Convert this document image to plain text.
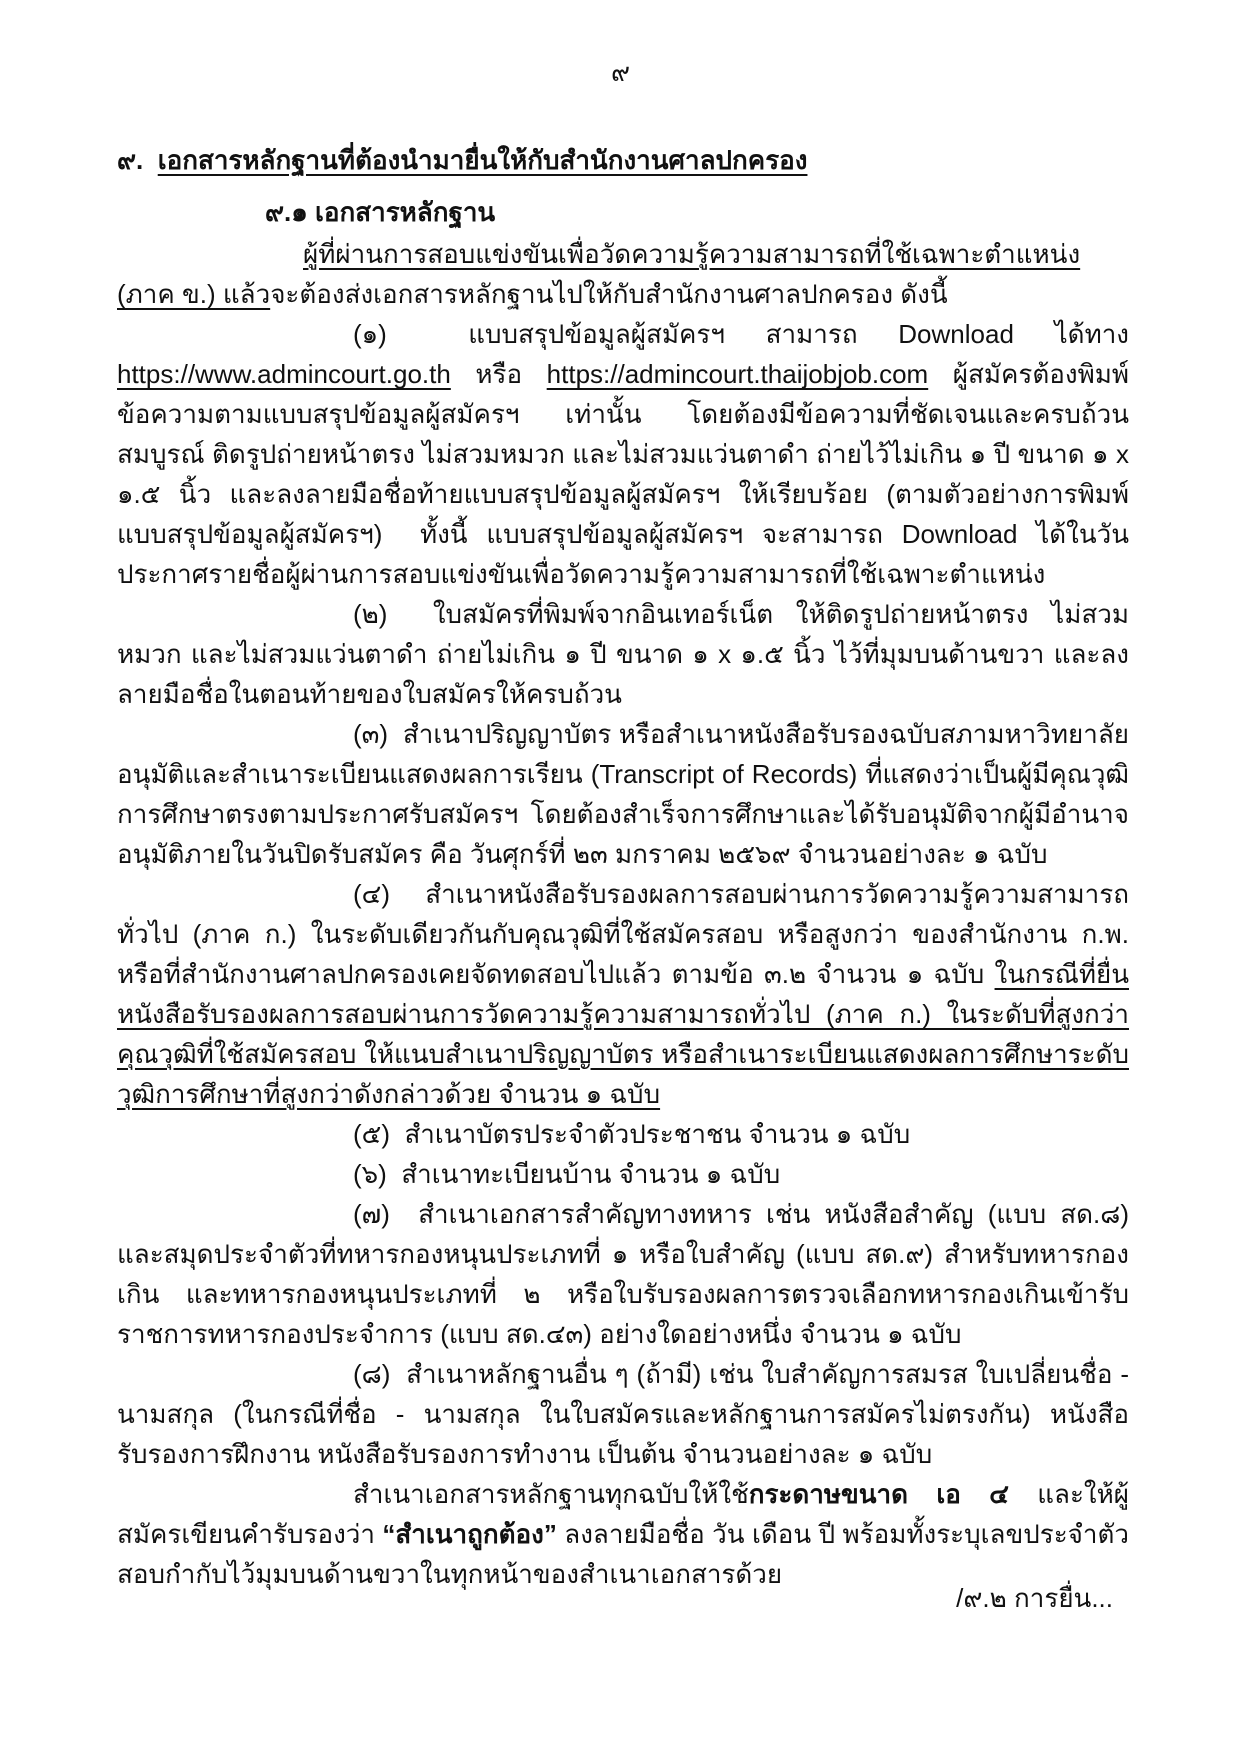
๙
๙.  เอกสารหลักฐานที่ต้องนำมายื่นให้กับสำนักงานศาลปกครอง
๙.๑ เอกสารหลักฐาน
ผู้ที่ผ่านการสอบแข่งขันเพื่อวัดความรู้ความสามารถที่ใช้เฉพาะตำแหน่ง (ภาค ข.) แล้วจะต้องส่งเอกสารหลักฐานไปให้กับสำนักงานศาลปกครอง ดังนี้
(๑)  แบบสรุปข้อมูลผู้สมัครฯ สามารถ Download ได้ทาง https://www.admincourt.go.th หรือ https://admincourt.thaijobjob.com ผู้สมัครต้องพิมพ์ข้อความตามแบบสรุปข้อมูลผู้สมัครฯ เท่านั้น โดยต้องมีข้อความที่ชัดเจนและครบถ้วนสมบูรณ์ ติดรูปถ่ายหน้าตรง ไม่สวมหมวก และไม่สวมแว่นตาดำ ถ่ายไว้ไม่เกิน ๑ ปี ขนาด ๑ x ๑.๕ นิ้ว และลงลายมือชื่อท้ายแบบสรุปข้อมูลผู้สมัครฯ ให้เรียบร้อย (ตามตัวอย่างการพิมพ์แบบสรุปข้อมูลผู้สมัครฯ)  ทั้งนี้ แบบสรุปข้อมูลผู้สมัครฯ จะสามารถ Download ได้ในวันประกาศรายชื่อผู้ผ่านการสอบแข่งขันเพื่อวัดความรู้ความสามารถที่ใช้เฉพาะตำแหน่ง
(๒)  ใบสมัครที่พิมพ์จากอินเทอร์เน็ต ให้ติดรูปถ่ายหน้าตรง ไม่สวมหมวก และไม่สวมแว่นตาดำ ถ่ายไม่เกิน ๑ ปี ขนาด ๑ x ๑.๕ นิ้ว ไว้ที่มุมบนด้านขวา และลงลายมือชื่อในตอนท้ายของใบสมัครให้ครบถ้วน
(๓)  สำเนาปริญญาบัตร หรือสำเนาหนังสือรับรองฉบับสภามหาวิทยาลัยอนุมัติและสำเนาระเบียนแสดงผลการเรียน (Transcript of Records) ที่แสดงว่าเป็นผู้มีคุณวุฒิการศึกษาตรงตามประกาศรับสมัครฯ โดยต้องสำเร็จการศึกษาและได้รับอนุมัติจากผู้มีอำนาจอนุมัติภายในวันปิดรับสมัคร คือ วันศุกร์ที่ ๒๓ มกราคม ๒๕๖๙ จำนวนอย่างละ ๑ ฉบับ
(๔)  สำเนาหนังสือรับรองผลการสอบผ่านการวัดความรู้ความสามารถทั่วไป (ภาค ก.) ในระดับเดียวกันกับคุณวุฒิที่ใช้สมัครสอบ หรือสูงกว่า ของสำนักงาน ก.พ. หรือที่สำนักงานศาลปกครองเคยจัดทดสอบไปแล้ว ตามข้อ ๓.๒ จำนวน ๑ ฉบับ ในกรณีที่ยื่นหนังสือรับรองผลการสอบผ่านการวัดความรู้ความสามารถทั่วไป (ภาค ก.) ในระดับที่สูงกว่า คุณวุฒิที่ใช้สมัครสอบ ให้แนบสำเนาปริญญาบัตร หรือสำเนาระเบียนแสดงผลการศึกษาระดับวุฒิการศึกษาที่สูงกว่าดังกล่าวด้วย จำนวน ๑ ฉบับ
(๕)  สำเนาบัตรประจำตัวประชาชน จำนวน ๑ ฉบับ
(๖)  สำเนาทะเบียนบ้าน จำนวน ๑ ฉบับ
(๗)  สำเนาเอกสารสำคัญทางทหาร เช่น หนังสือสำคัญ (แบบ สด.๘) และสมุดประจำตัวที่ทหารกองหนุนประเภทที่ ๑ หรือใบสำคัญ (แบบ สด.๙) สำหรับทหารกองเกิน และทหารกองหนุนประเภทที่ ๒ หรือใบรับรองผลการตรวจเลือกทหารกองเกินเข้ารับราชการทหารกองประจำการ (แบบ สด.๔๓) อย่างใดอย่างหนึ่ง จำนวน ๑ ฉบับ
(๘)  สำเนาหลักฐานอื่น ๆ (ถ้ามี) เช่น ใบสำคัญการสมรส ใบเปลี่ยนชื่อ - นามสกุล (ในกรณีที่ชื่อ - นามสกุล ในใบสมัครและหลักฐานการสมัครไม่ตรงกัน) หนังสือรับรองการฝึกงาน หนังสือรับรองการทำงาน เป็นต้น จำนวนอย่างละ ๑ ฉบับ
สำเนาเอกสารหลักฐานทุกฉบับให้ใช้กระดาษขนาด เอ ๔ และให้ผู้สมัครเขียนคำรับรองว่า “สำเนาถูกต้อง” ลงลายมือชื่อ วัน เดือน ปี พร้อมทั้งระบุเลขประจำตัวสอบกำกับไว้มุมบนด้านขวาในทุกหน้าของสำเนาเอกสารด้วย
/๙.๒ การยื่น...
